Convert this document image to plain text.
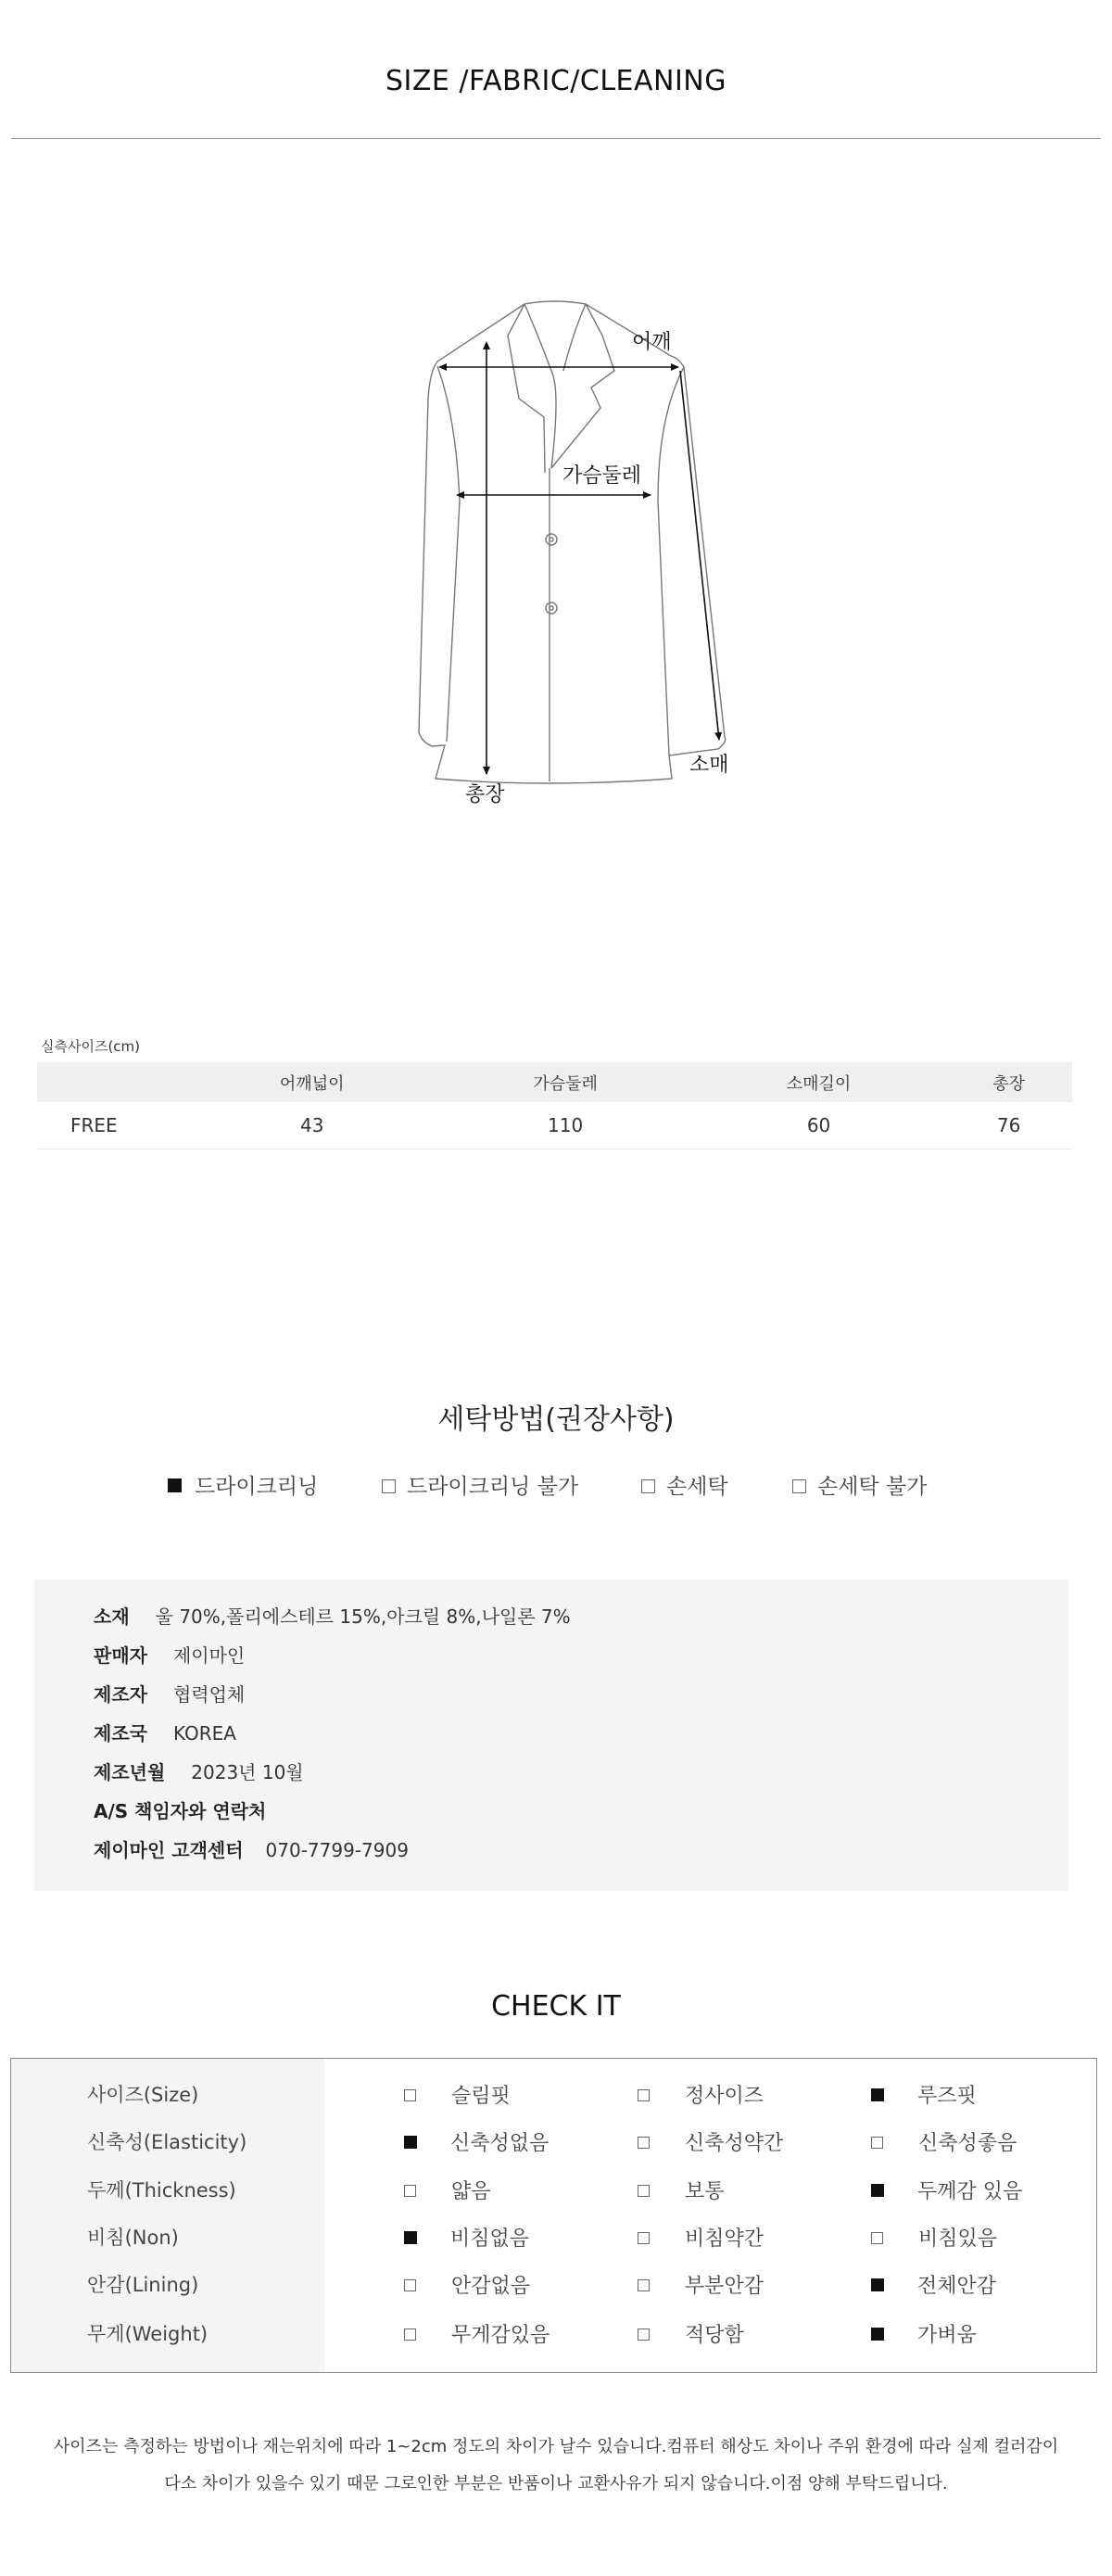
SIZE /FABRIC/CLEANING
어깨
가슴둘레
소매
총장
실측사이즈(cm)
	어깨넓이	가슴둘레	소매길이	총장
FREE	43	110	60	76
세탁방법(권장사항)
드라이크리닝	드라이크리닝 불가	손세탁	손세탁 불가
소재 울 70%,폴리에스테르 15%,아크릴 8%,나일론 7%
판매자 제이마인
제조자 협력업체
제조국 KOREA
제조년월 2023년 10월
A/S 책임자와 연락처
제이마인 고객센터 070-7799-7909
CHECK IT
사이즈(Size)	슬림핏	정사이즈	루즈핏
신축성(Elasticity)	신축성없음	신축성약간	신축성좋음
두께(Thickness)	얇음	보통	두께감 있음
비침(Non)	비침없음	비침약간	비침있음
안감(Lining)	안감없음	부분안감	전체안감
무게(Weight)	무게감있음	적당함	가벼움
사이즈는 측정하는 방법이나 재는위치에 따라 1~2cm 정도의 차이가 날수 있습니다.컴퓨터 해상도 차이나 주위 환경에 따라 실제 컬러감이
다소 차이가 있을수 있기 때문 그로인한 부분은 반품이나 교환사유가 되지 않습니다.이점 양해 부탁드립니다.
